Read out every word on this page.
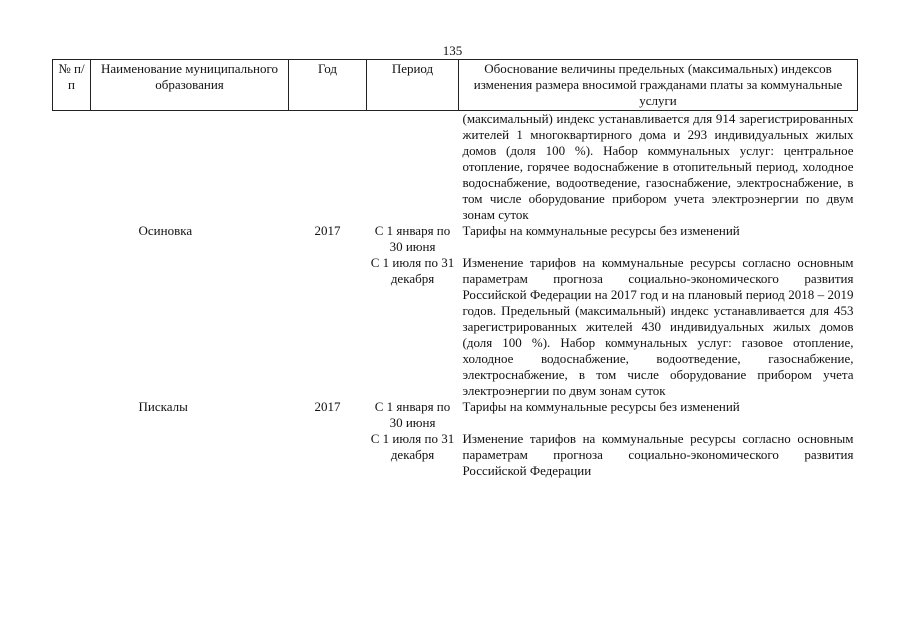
135
№ п/п	Наименование муниципального образования	Год	Период	Обоснование величины предельных (максимальных) индексов изменения размера вносимой гражданами платы за коммунальные услуги

				(максимальный) индекс устанавливается для 914 зарегистрированных жителей 1 многоквартирного дома и 293 индивидуальных жилых домов (доля 100 %). Набор коммунальных услуг: центральное отопление, горячее водоснабжение в отопительный период, холодное водоснабжение, водоотведение, газоснабжение, электроснабжение, в том числе оборудование прибором учета электроэнергии по двум зонам суток

	Осиновка	2017	С 1 января по 30 июня	Тарифы на коммунальные ресурсы без изменений

			С 1 июля по 31 декабря	Изменение тарифов на коммунальные ресурсы согласно основным параметрам прогноза социально-экономического развития Российской Федерации на 2017 год и на плановый период 2018 – 2019 годов. Предельный (максимальный) индекс устанавливается для 453 зарегистрированных жителей 430 индивидуальных жилых домов (доля 100 %). Набор коммунальных услуг: газовое отопление, холодное водоснабжение, водоотведение, газоснабжение, электроснабжение, в том числе оборудование прибором учета электроэнергии по двум зонам суток

	Пискалы	2017	С 1 января по 30 июня	Тарифы на коммунальные ресурсы без изменений

			С 1 июля по 31 декабря	Изменение тарифов на коммунальные ресурсы согласно основным параметрам прогноза социально-экономического развития Российской Федерации
